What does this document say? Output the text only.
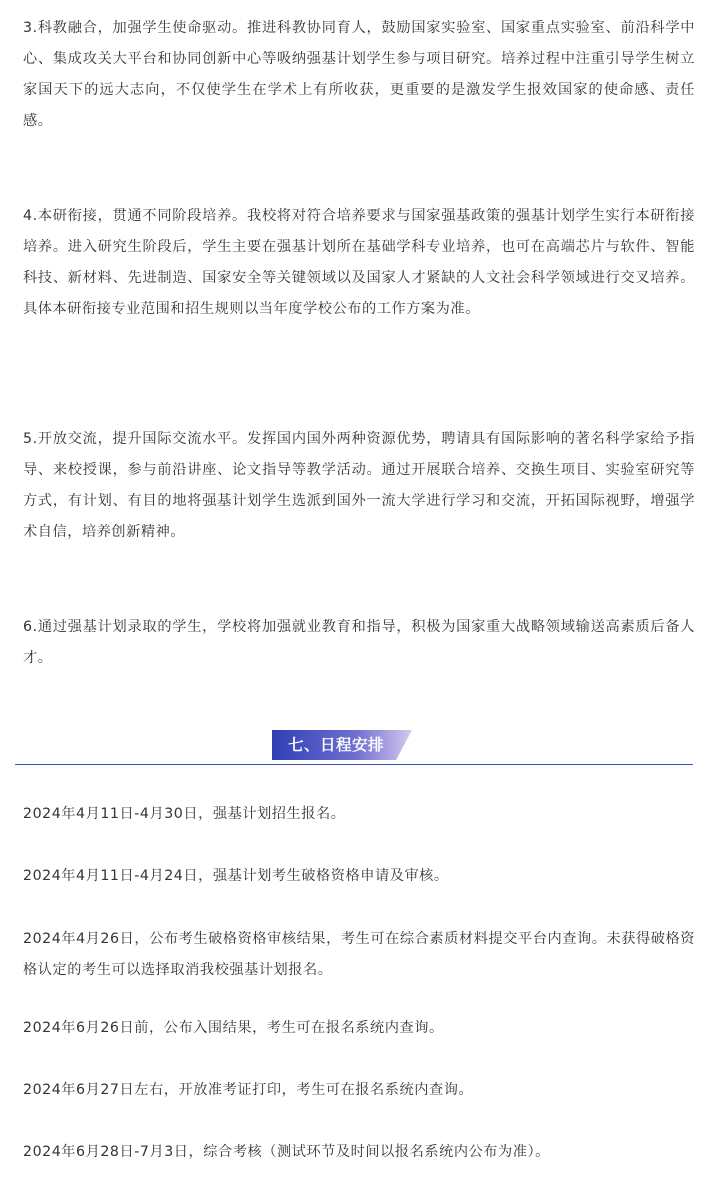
3.科教融合，加强学生使命驱动。推进科教协同育人，鼓励国家实验室、国家重点实验室、前沿科学中心、集成攻关大平台和协同创新中心等吸纳强基计划学生参与项目研究。培养过程中注重引导学生树立家国天下的远大志向，不仅使学生在学术上有所收获，更重要的是激发学生报效国家的使命感、责任感。

4.本研衔接，贯通不同阶段培养。我校将对符合培养要求与国家强基政策的强基计划学生实行本研衔接培养。进入研究生阶段后，学生主要在强基计划所在基础学科专业培养，也可在高端芯片与软件、智能科技、新材料、先进制造、国家安全等关键领域以及国家人才紧缺的人文社会科学领域进行交叉培养。具体本研衔接专业范围和招生规则以当年度学校公布的工作方案为准。

5.开放交流，提升国际交流水平。发挥国内国外两种资源优势，聘请具有国际影响的著名科学家给予指导、来校授课，参与前沿讲座、论文指导等教学活动。通过开展联合培养、交换生项目、实验室研究等方式，有计划、有目的地将强基计划学生选派到国外一流大学进行学习和交流，开拓国际视野，增强学术自信，培养创新精神。

6.通过强基计划录取的学生，学校将加强就业教育和指导，积极为国家重大战略领域输送高素质后备人才。

七、日程安排

2024年4月11日-4月30日，强基计划招生报名。

2024年4月11日-4月24日，强基计划考生破格资格申请及审核。

2024年4月26日，公布考生破格资格审核结果，考生可在综合素质材料提交平台内查询。未获得破格资格认定的考生可以选择取消我校强基计划报名。

2024年6月26日前，公布入围结果，考生可在报名系统内查询。

2024年6月27日左右，开放准考证打印，考生可在报名系统内查询。

2024年6月28日-7月3日，综合考核（测试环节及时间以报名系统内公布为准）。
